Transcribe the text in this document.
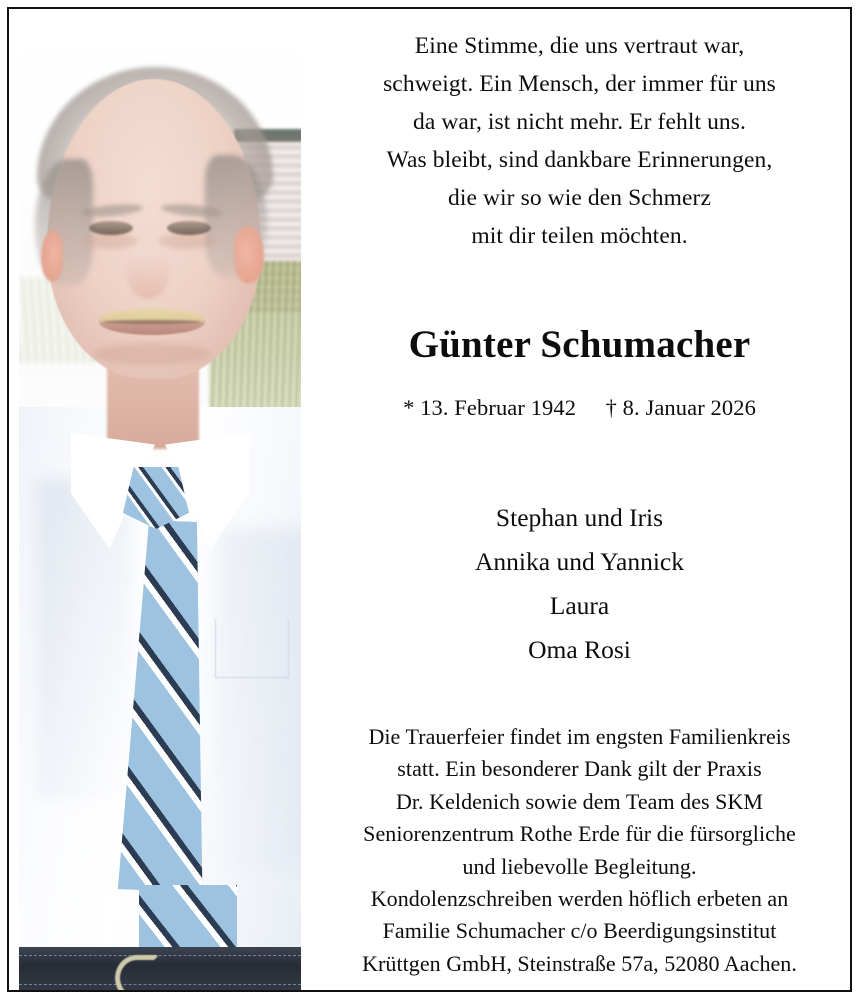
Eine Stimme, die uns vertraut war,
schweigt. Ein Mensch, der immer für uns
da war, ist nicht mehr. Er fehlt uns.
Was bleibt, sind dankbare Erinnerungen,
die wir so wie den Schmerz
mit dir teilen möchten.
Günter Schumacher
* 13. Februar 1942 † 8. Januar 2026
Stephan und Iris
Annika und Yannick
Laura
Oma Rosi
Die Trauerfeier findet im engsten Familienkreis
statt. Ein besonderer Dank gilt der Praxis
Dr. Keldenich sowie dem Team des SKM
Seniorenzentrum Rothe Erde für die fürsorgliche
und liebevolle Begleitung.
Kondolenzschreiben werden höflich erbeten an
Familie Schumacher c/o Beerdigungsinstitut
Krüttgen GmbH, Steinstraße 57a, 52080 Aachen.
